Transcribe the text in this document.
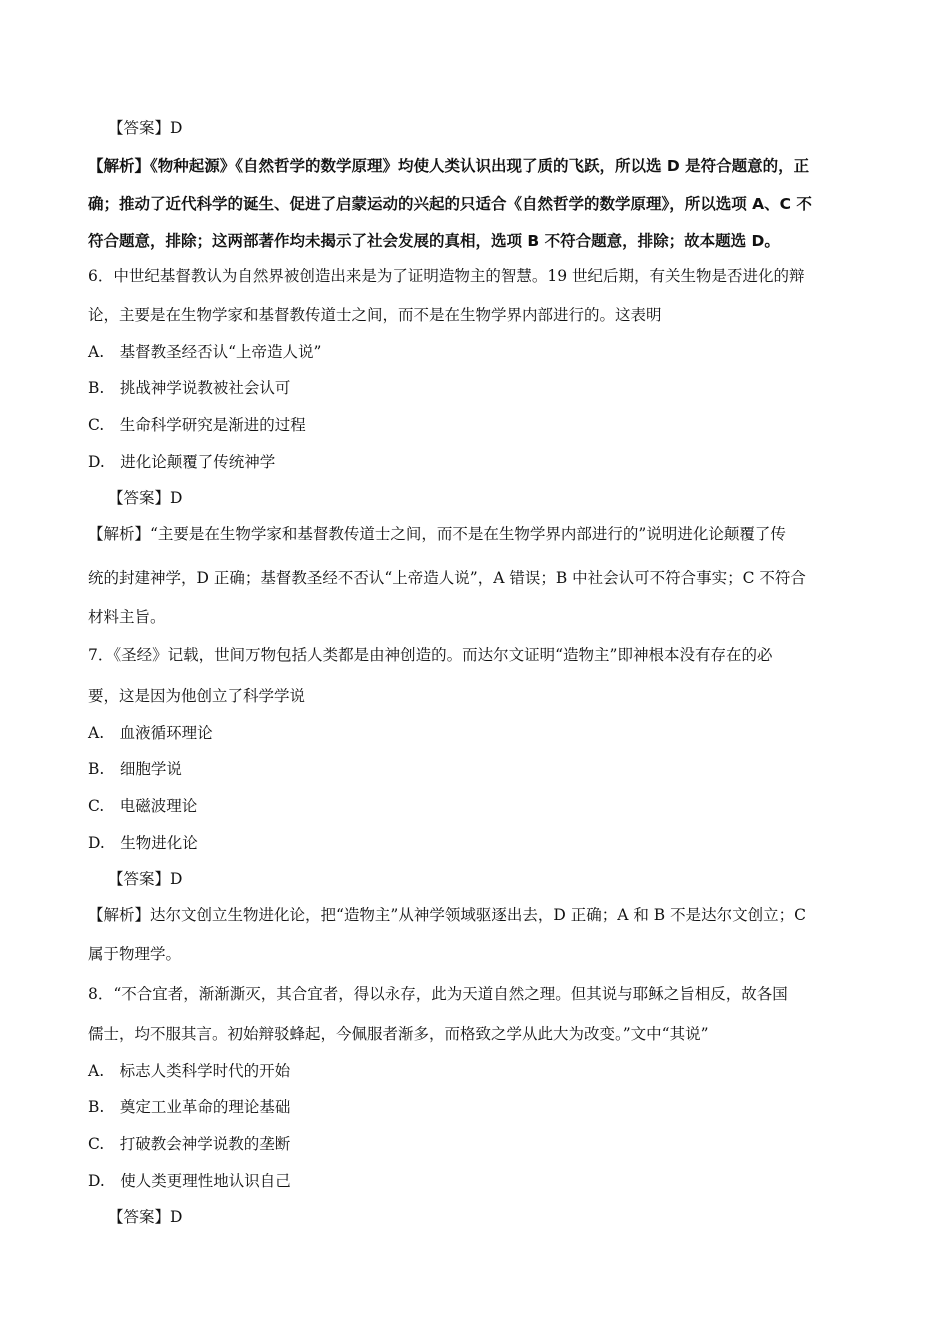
【答案】D
【解析】《物种起源》《自然哲学的数学原理》均使人类认识出现了质的飞跃，所以选 D 是符合题意的，正
确；推动了近代科学的诞生、促进了启蒙运动的兴起的只适合《自然哲学的数学原理》，所以选项 A、C 不
符合题意，排除；这两部著作均未揭示了社会发展的真相，选项 B 不符合题意，排除；故本题选 D。
6．中世纪基督教认为自然界被创造出来是为了证明造物主的智慧。19 世纪后期，有关生物是否进化的辩
论，主要是在生物学家和基督教传道士之间，而不是在生物学界内部进行的。这表明
A.　基督教圣经否认“上帝造人说”
B.　挑战神学说教被社会认可
C.　生命科学研究是渐进的过程
D.　进化论颠覆了传统神学
【答案】D
【解析】“主要是在生物学家和基督教传道士之间，而不是在生物学界内部进行的”说明进化论颠覆了传
统的封建神学，D 正确；基督教圣经不否认“上帝造人说”，A 错误；B 中社会认可不符合事实；C 不符合
材料主旨。
7．《圣经》记载，世间万物包括人类都是由神创造的。而达尔文证明“造物主”即神根本没有存在的必
要，这是因为他创立了科学学说
A.　血液循环理论
B.　细胞学说
C.　电磁波理论
D.　生物进化论
【答案】D
【解析】达尔文创立生物进化论，把“造物主”从神学领域驱逐出去，D 正确；A 和 B 不是达尔文创立；C
属于物理学。
8．“不合宜者，渐渐澌灭，其合宜者，得以永存，此为天道自然之理。但其说与耶稣之旨相反，故各国
儒士，均不服其言。初始辩驳蜂起，今佩服者渐多，而格致之学从此大为改变。”文中“其说”
A.　标志人类科学时代的开始
B.　奠定工业革命的理论基础
C.　打破教会神学说教的垄断
D.　使人类更理性地认识自己
【答案】D
